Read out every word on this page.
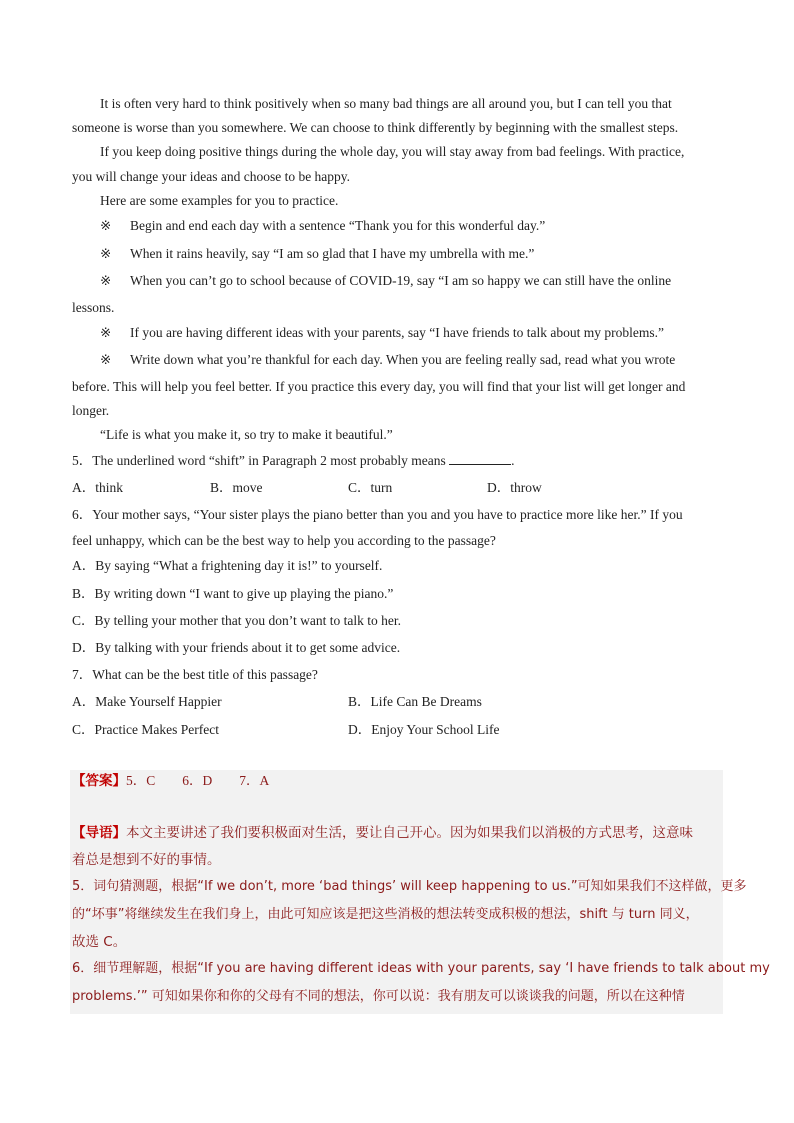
It is often very hard to think positively when so many bad things are all around you, but I can tell you that
someone is worse than you somewhere. We can choose to think differently by beginning with the smallest steps.
If you keep doing positive things during the whole day, you will stay away from bad feelings. With practice,
you will change your ideas and choose to be happy.
Here are some examples for you to practice.
※ Begin and end each day with a sentence “Thank you for this wonderful day.”
※ When it rains heavily, say “I am so glad that I have my umbrella with me.”
※ When you can’t go to school because of COVID-19, say “I am so happy we can still have the online
lessons.
※ If you are having different ideas with your parents, say “I have friends to talk about my problems.”
※ Write down what you’re thankful for each day. When you are feeling really sad, read what you wrote
before. This will help you feel better. If you practice this every day, you will find that your list will get longer and
longer.
“Life is what you make it, so try to make it beautiful.”
5．The underlined word “shift” in Paragraph 2 most probably means	.
A．think	B．move	C．turn	D．throw
6．Your mother says, “Your sister plays the piano better than you and you have to practice more like her.” If you
feel unhappy, which can be the best way to help you according to the passage?
A．By saying “What a frightening day it is!” to yourself.
B．By writing down “I want to give up playing the piano.”
C．By telling your mother that you don’t want to talk to her.
D．By talking with your friends about it to get some advice.
7．What can be the best title of this passage?
A．Make Yourself Happier	B．Life Can Be Dreams
C．Practice Makes Perfect	D．Enjoy Your School Life
【答案】5．C　　6．D　　7．A
【导语】本文主要讲述了我们要积极面对生活，要让自己开心。因为如果我们以消极的方式思考，这意味
着总是想到不好的事情。
5．词句猜测题，根据“If we don’t, more ‘bad things’ will keep happening to us.”可知如果我们不这样做，更多
的“坏事”将继续发生在我们身上，由此可知应该是把这些消极的想法转变成积极的想法，shift 与 turn 同义，
故选 C。
6．细节理解题，根据“If you are having different ideas with your parents, say ‘I have friends to talk about my
problems.’” 可知如果你和你的父母有不同的想法，你可以说：我有朋友可以谈谈我的问题，所以在这种情
